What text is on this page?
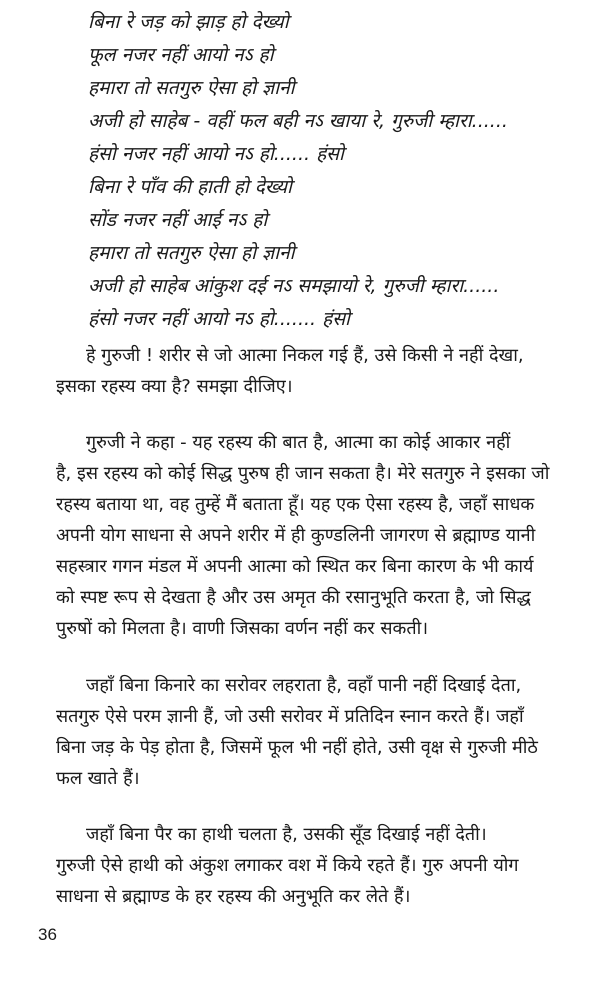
बिना रे जड़ को झाड़ हो देख्यो
फूल नजर नहीं आयो नऽ हो
हमारा तो सतगुरु ऐसा हो ज्ञानी
अजी हो साहेब - वहीं फल बही नऽ खाया रे, गुरुजी म्हारा......
हंसो नजर नहीं आयो नऽ हो...... हंसो
बिना रे पाँव की हाती हो देख्यो
सोंड नजर नहीं आई नऽ हो
हमारा तो सतगुरु ऐसा हो ज्ञानी
अजी हो साहेब आंकुश दई नऽ समझायो रे, गुरुजी म्हारा......
हंसो नजर नहीं आयो नऽ हो....... हंसो

हे गुरुजी ! शरीर से जो आत्मा निकल गई हैं, उसे किसी ने नहीं देखा,
इसका रहस्य क्या है? समझा दीजिए।

गुरुजी ने कहा - यह रहस्य की बात है, आत्मा का कोई आकार नहीं
है, इस रहस्य को कोई सिद्ध पुरुष ही जान सकता है। मेरे सतगुरु ने इसका जो
रहस्य बताया था, वह तुम्हें मैं बताता हूँ। यह एक ऐसा रहस्य है, जहाँ साधक
अपनी योग साधना से अपने शरीर में ही कुण्डलिनी जागरण से ब्रह्माण्ड यानी
सहस्त्रार गगन मंडल में अपनी आत्मा को स्थित कर बिना कारण के भी कार्य
को स्पष्ट रूप से देखता है और उस अमृत की रसानुभूति करता है, जो सिद्ध
पुरुषों को मिलता है। वाणी जिसका वर्णन नहीं कर सकती।

जहाँ बिना किनारे का सरोवर लहराता है, वहाँ पानी नहीं दिखाई देता,
सतगुरु ऐसे परम ज्ञानी हैं, जो उसी सरोवर में प्रतिदिन स्नान करते हैं। जहाँ
बिना जड़ के पेड़ होता है, जिसमें फूल भी नहीं होते, उसी वृक्ष से गुरुजी मीठे
फल खाते हैं।

जहाँ बिना पैर का हाथी चलता है, उसकी सूँड दिखाई नहीं देती।
गुरुजी ऐसे हाथी को अंकुश लगाकर वश में किये रहते हैं। गुरु अपनी योग
साधना से ब्रह्माण्ड के हर रहस्य की अनुभूति कर लेते हैं।

36
